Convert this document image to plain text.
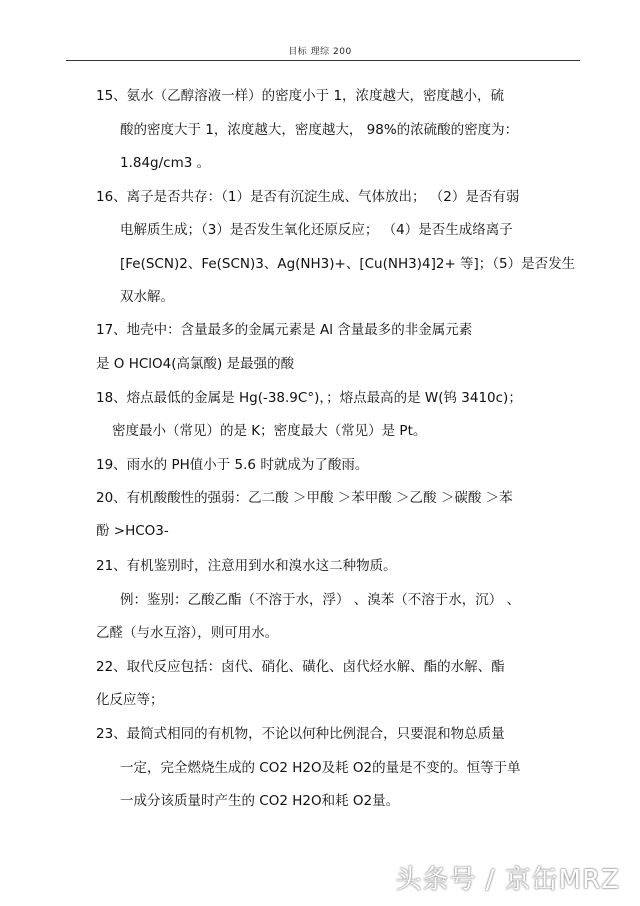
目标 理综 200
15、氨水（乙醇溶液一样）的密度小于 1，浓度越大，密度越小，硫
酸的密度大于 1，浓度越大，密度越大， 98%的浓硫酸的密度为：
1.84g/cm3 。
16、离子是否共存：（1）是否有沉淀生成、气体放出； （2）是否有弱
电解质生成；（3）是否发生氧化还原反应； （4）是否生成络离子
[Fe(SCN)2、Fe(SCN)3、Ag(NH3)+、[Cu(NH3)4]2+ 等]；（5）是否发生
双水解。
17、地壳中：含量最多的金属元素是 Al 含量最多的非金属元素
是 O HClO4(高氯酸) 是最强的酸
18、熔点最低的金属是 Hg(-38.9C°)，；熔点最高的是 W(钨 3410c)；
密度最小（常见）的是 K；密度最大（常见）是 Pt。
19、雨水的 PH值小于 5.6 时就成为了酸雨。
20、有机酸酸性的强弱：乙二酸 ＞甲酸 ＞苯甲酸 ＞乙酸 ＞碳酸 ＞苯
酚 >HCO3-
21、有机鉴别时，注意用到水和溴水这二种物质。
例：鉴别：乙酸乙酯（不溶于水，浮） 、溴苯（不溶于水，沉） 、
乙醛（与水互溶），则可用水。
22、取代反应包括：卤代、硝化、磺化、卤代烃水解、酯的水解、酯
化反应等；
23、最简式相同的有机物，不论以何种比例混合，只要混和物总质量
一定，完全燃烧生成的 CO2 H2O及耗 O2的量是不变的。恒等于单
一成分该质量时产生的 CO2 H2O和耗 O2量。
头条号 / 京缶MRZ
